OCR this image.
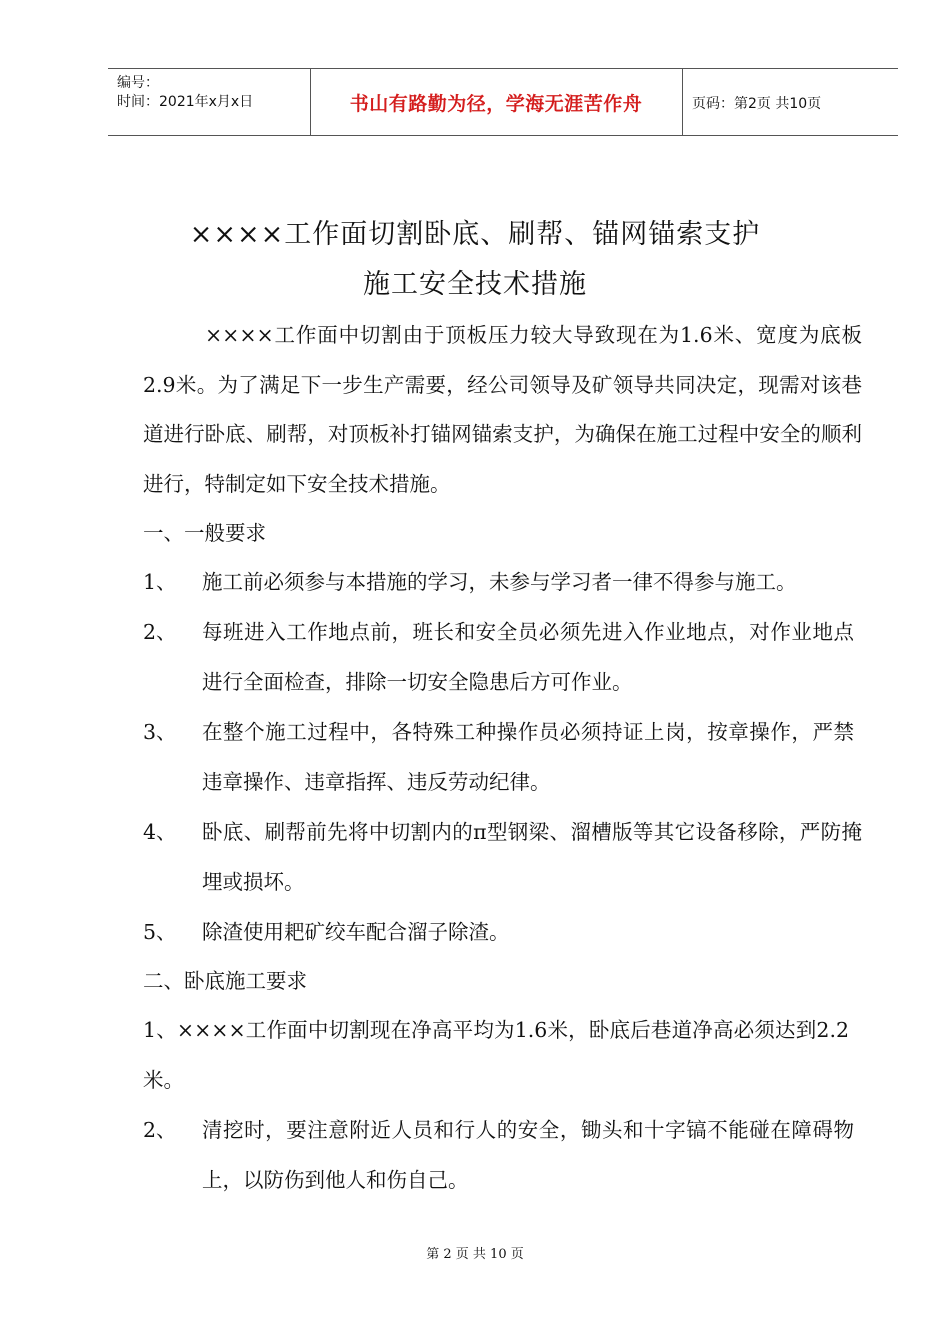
编号：
时间：2021年x月x日	书山有路勤为径，学海无涯苦作舟	页码：第2页 共10页
××××工作面切割卧底、刷帮、锚网锚索支护
施工安全技术措施
××××工作面中切割由于顶板压力较大导致现在为1.6米、宽度为底板2.9米。为了满足下一步生产需要，经公司领导及矿领导共同决定，现需对该巷道进行卧底、刷帮，对顶板补打锚网锚索支护，为确保在施工过程中安全的顺利进行，特制定如下安全技术措施。
一、一般要求
1、 施工前必须参与本措施的学习，未参与学习者一律不得参与施工。
2、 每班进入工作地点前，班长和安全员必须先进入作业地点，对作业地点进行全面检查，排除一切安全隐患后方可作业。
3、 在整个施工过程中，各特殊工种操作员必须持证上岗，按章操作，严禁违章操作、违章指挥、违反劳动纪律。
4、 卧底、刷帮前先将中切割内的π型钢梁、溜槽版等其它设备移除，严防掩埋或损坏。
5、 除渣使用耙矿绞车配合溜子除渣。
二、卧底施工要求
1、××××工作面中切割现在净高平均为1.6米，卧底后巷道净高必须达到2.2米。
2、 清挖时，要注意附近人员和行人的安全，锄头和十字镐不能碰在障碍物上，以防伤到他人和伤自己。
第 2 页 共 10 页
